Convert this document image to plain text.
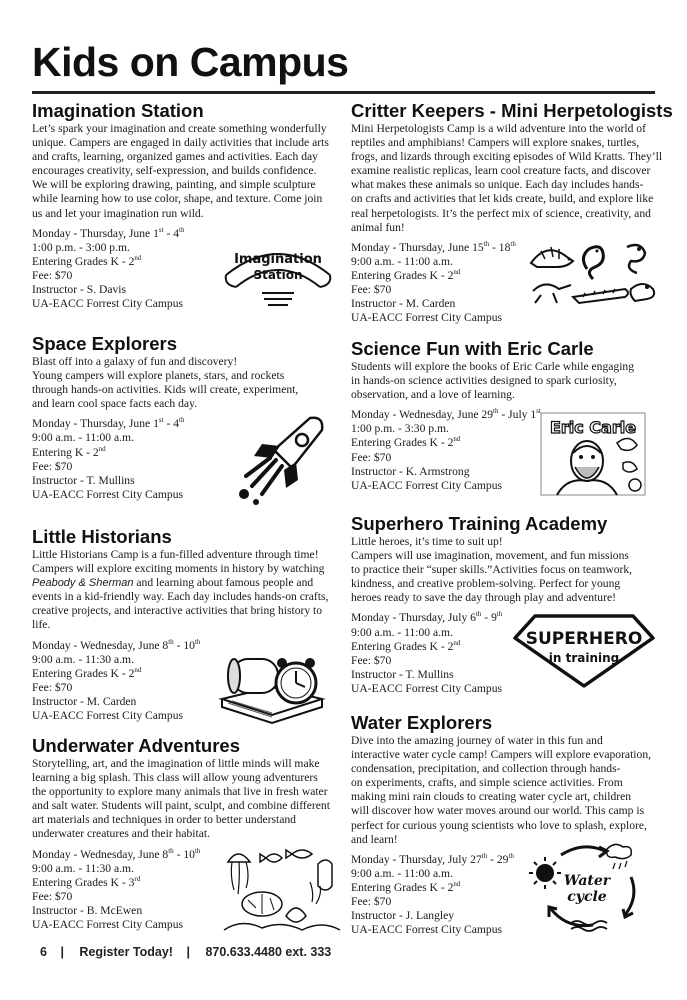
Kids on Campus
Imagination Station

Let’s spark your imagination and create something wonderfully
unique. Campers are engaged in daily activities that include arts
and crafts, learning, organized games and activities. Each day
encourages creativity, self-expression, and builds confidence.
We will be exploring drawing, painting, and simple sculpture
while learning how to use color, shape, and texture. Come join
us and let your imagination run wild.

Monday - Thursday, June 1st - 4th
1:00 p.m. - 3:00 p.m.
Entering Grades K - 2nd
Fee: $70
Instructor - S. Davis
UA-EACC Forrest City Campus
Imagination
Station
Space Explorers

Blast off into a galaxy of fun and discovery!
Young campers will explore planets, stars, and rockets
through hands-on activities. Kids will create, experiment,
and learn cool space facts each day.

Monday - Thursday, June 1st - 4th
9:00 a.m. - 11:00 a.m.
Entering K - 2nd
Fee: $70
Instructor - T. Mullins
UA-EACC Forrest City Campus
Little Historians

Little Historians Camp is a fun-filled adventure through time!
Campers will explore exciting moments in history by watching
Peabody & Sherman and learning about famous people and
events in a kid-friendly way. Each day includes hands-on crafts,
creative projects, and interactive activities that bring history to
life.

Monday - Wednesday, June 8th - 10th
9:00 a.m. - 11:30 a.m.
Entering Grades K - 2nd
Fee: $70
Instructor - M. Carden
UA-EACC Forrest City Campus
Underwater Adventures

Storytelling, art, and the imagination of little minds will make
learning a big splash. This class will allow young adventurers
the opportunity to explore many animals that live in fresh water
and salt water. Students will paint, sculpt, and combine different
art materials and techniques in order to better understand
underwater creatures and their habitat.

Monday - Wednesday, June 8th - 10th
9:00 a.m. - 11:30 a.m.
Entering Grades K - 3rd
Fee: $70
Instructor - B. McEwen
UA-EACC Forrest City Campus
Critter Keepers - Mini Herpetologists

Mini Herpetologists Camp is a wild adventure into the world of
reptiles and amphibians! Campers will explore snakes, turtles,
frogs, and lizards through exciting episodes of Wild Kratts. They’ll
examine realistic replicas, learn cool creature facts, and discover
what makes these animals so unique. Each day includes hands-
on crafts and activities that let kids create, build, and explore like
real herpetologists. It’s the perfect mix of science, creativity, and
animal fun!

Monday - Thursday, June 15th - 18th
9:00 a.m. - 11:00 a.m.
Entering Grades K - 2nd
Fee: $70
Instructor - M. Carden
UA-EACC Forrest City Campus
Science Fun with Eric Carle

Students will explore the books of Eric Carle while engaging
in hands-on science activities designed to spark curiosity,
observation, and a love of learning.

Monday - Wednesday, June 29th - July 1st
1:00 p.m. - 3:30 p.m.
Entering Grades K - 2nd
Fee: $70
Instructor - K. Armstrong
UA-EACC Forrest City Campus
Eric Carle
Superhero Training Academy

Little heroes, it’s time to suit up!
Campers will use imagination, movement, and fun missions
to practice their “super skills.”Activities focus on teamwork,
kindness, and creative problem-solving. Perfect for young
heroes ready to save the day through play and adventure!

Monday - Thursday, July 6th - 9th
9:00 a.m. - 11:00 a.m.
Entering Grades K - 2nd
Fee: $70
Instructor - T. Mullins
UA-EACC Forrest City Campus
SUPERHERO
in training
Water Explorers

Dive into the amazing journey of water in this fun and
interactive water cycle camp! Campers will explore evaporation,
condensation, precipitation, and collection through hands-
on experiments, crafts, and simple science activities. From
making mini rain clouds to creating water cycle art, children
will discover how water moves around our world. This camp is
perfect for curious young scientists who love to splash, explore,
and learn!

Monday - Thursday, July 27th - 29th
9:00 a.m. - 11:00 a.m.
Entering Grades K - 2nd
Fee: $70
Instructor - J. Langley
UA-EACC Forrest City Campus
Water
cycle
6 | Register Today! | 870.633.4480 ext. 333
